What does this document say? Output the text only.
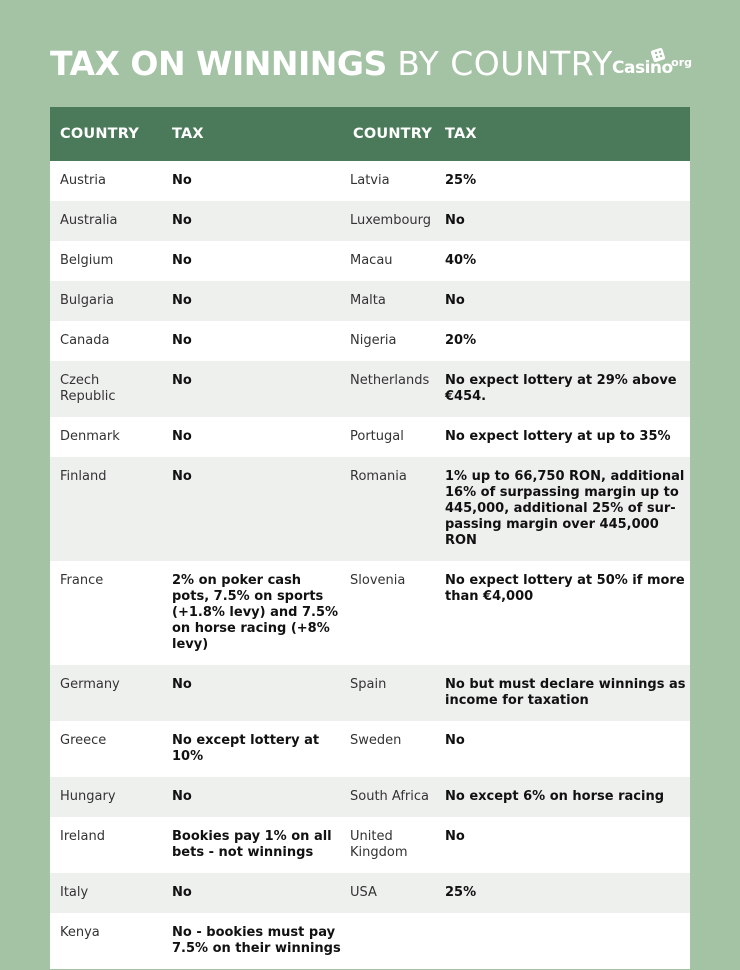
TAX ON WINNINGS BY COUNTRY Casino
.org
COUNTRY	TAX	COUNTRY	TAX
Austria	No	Latvia	25%
Australia	No	Luxembourg	No
Belgium	No	Macau	40%
Bulgaria	No	Malta	No
Canada	No	Nigeria	20%
Czech Republic	No	Netherlands	No expect lottery at 29% above €454.
Denmark	No	Portugal	No expect lottery at up to 35%
Finland	No	Romania	1% up to 66,750 RON, additional 16% of surpassing margin up to 445,000, additional 25% of sur-passing margin over 445,000 RON
France	2% on poker cash pots, 7.5% on sports (+1.8% levy) and 7.5% on horse racing (+8% levy)	Slovenia	No expect lottery at 50% if more than €4,000
Germany	No	Spain	No but must declare winnings as income for taxation
Greece	No except lottery at 10%	Sweden	No
Hungary	No	South Africa	No except 6% on horse racing
Ireland	Bookies pay 1% on all bets - not winnings	United Kingdom	No
Italy	No	USA	25%
Kenya	No - bookies must pay 7.5% on their winnings		
